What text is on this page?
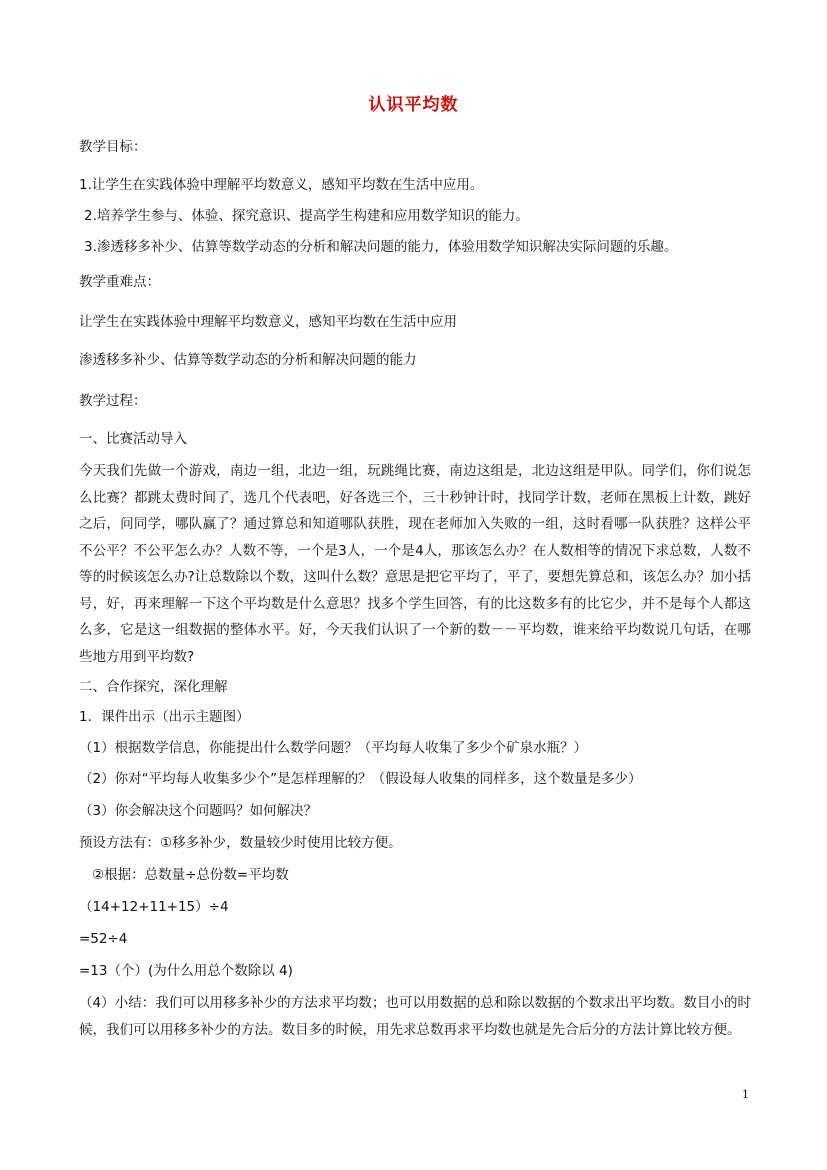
认识平均数
教学目标：
1.让学生在实践体验中理解平均数意义，感知平均数在生活中应用。
2.培养学生参与、体验、探究意识、提高学生构建和应用数学知识的能力。
3.渗透移多补少、估算等数学动态的分析和解决问题的能力，体验用数学知识解决实际问题的乐趣。
教学重难点：
让学生在实践体验中理解平均数意义，感知平均数在生活中应用
渗透移多补少、估算等数学动态的分析和解决问题的能力
教学过程：
一、比赛活动导入
今天我们先做一个游戏，南边一组，北边一组，玩跳绳比赛，南边这组是，北边这组是甲队。同学们，你们说怎么比赛？都跳太费时间了，选几个代表吧，好各选三个，三十秒钟计时，找同学计数，老师在黑板上计数，跳好之后，问同学，哪队赢了？通过算总和知道哪队获胜，现在老师加入失败的一组，这时看哪一队获胜？这样公平不公平？不公平怎么办？人数不等，一个是3人，一个是4人，那该怎么办？在人数相等的情况下求总数，人数不等的时候该怎么办?让总数除以个数，这叫什么数？意思是把它平均了，平了，要想先算总和，该怎么办？加小括号，好，再来理解一下这个平均数是什么意思？找多个学生回答，有的比这数多有的比它少，并不是每个人都这么多，它是这一组数据的整体水平。好，今天我们认识了一个新的数－－平均数，谁来给平均数说几句话，在哪些地方用到平均数?
二、合作探究，深化理解
1．课件出示（出示主题图）
（1）根据数学信息，你能提出什么数学问题？（平均每人收集了多少个矿泉水瓶？）
（2）你对“平均每人收集多少个”是怎样理解的？（假设每人收集的同样多，这个数量是多少）
（3）你会解决这个问题吗？如何解决？
预设方法有：①移多补少，数量较少时使用比较方便。
②根据：总数量÷总份数=平均数
（14+12+11+15）÷4
=52÷4
=13（个）(为什么用总个数除以 4)
（4）小结：我们可以用移多补少的方法求平均数；也可以用数据的总和除以数据的个数求出平均数。数目小的时候，我们可以用移多补少的方法。数目多的时候，用先求总数再求平均数也就是先合后分的方法计算比较方便。
1
